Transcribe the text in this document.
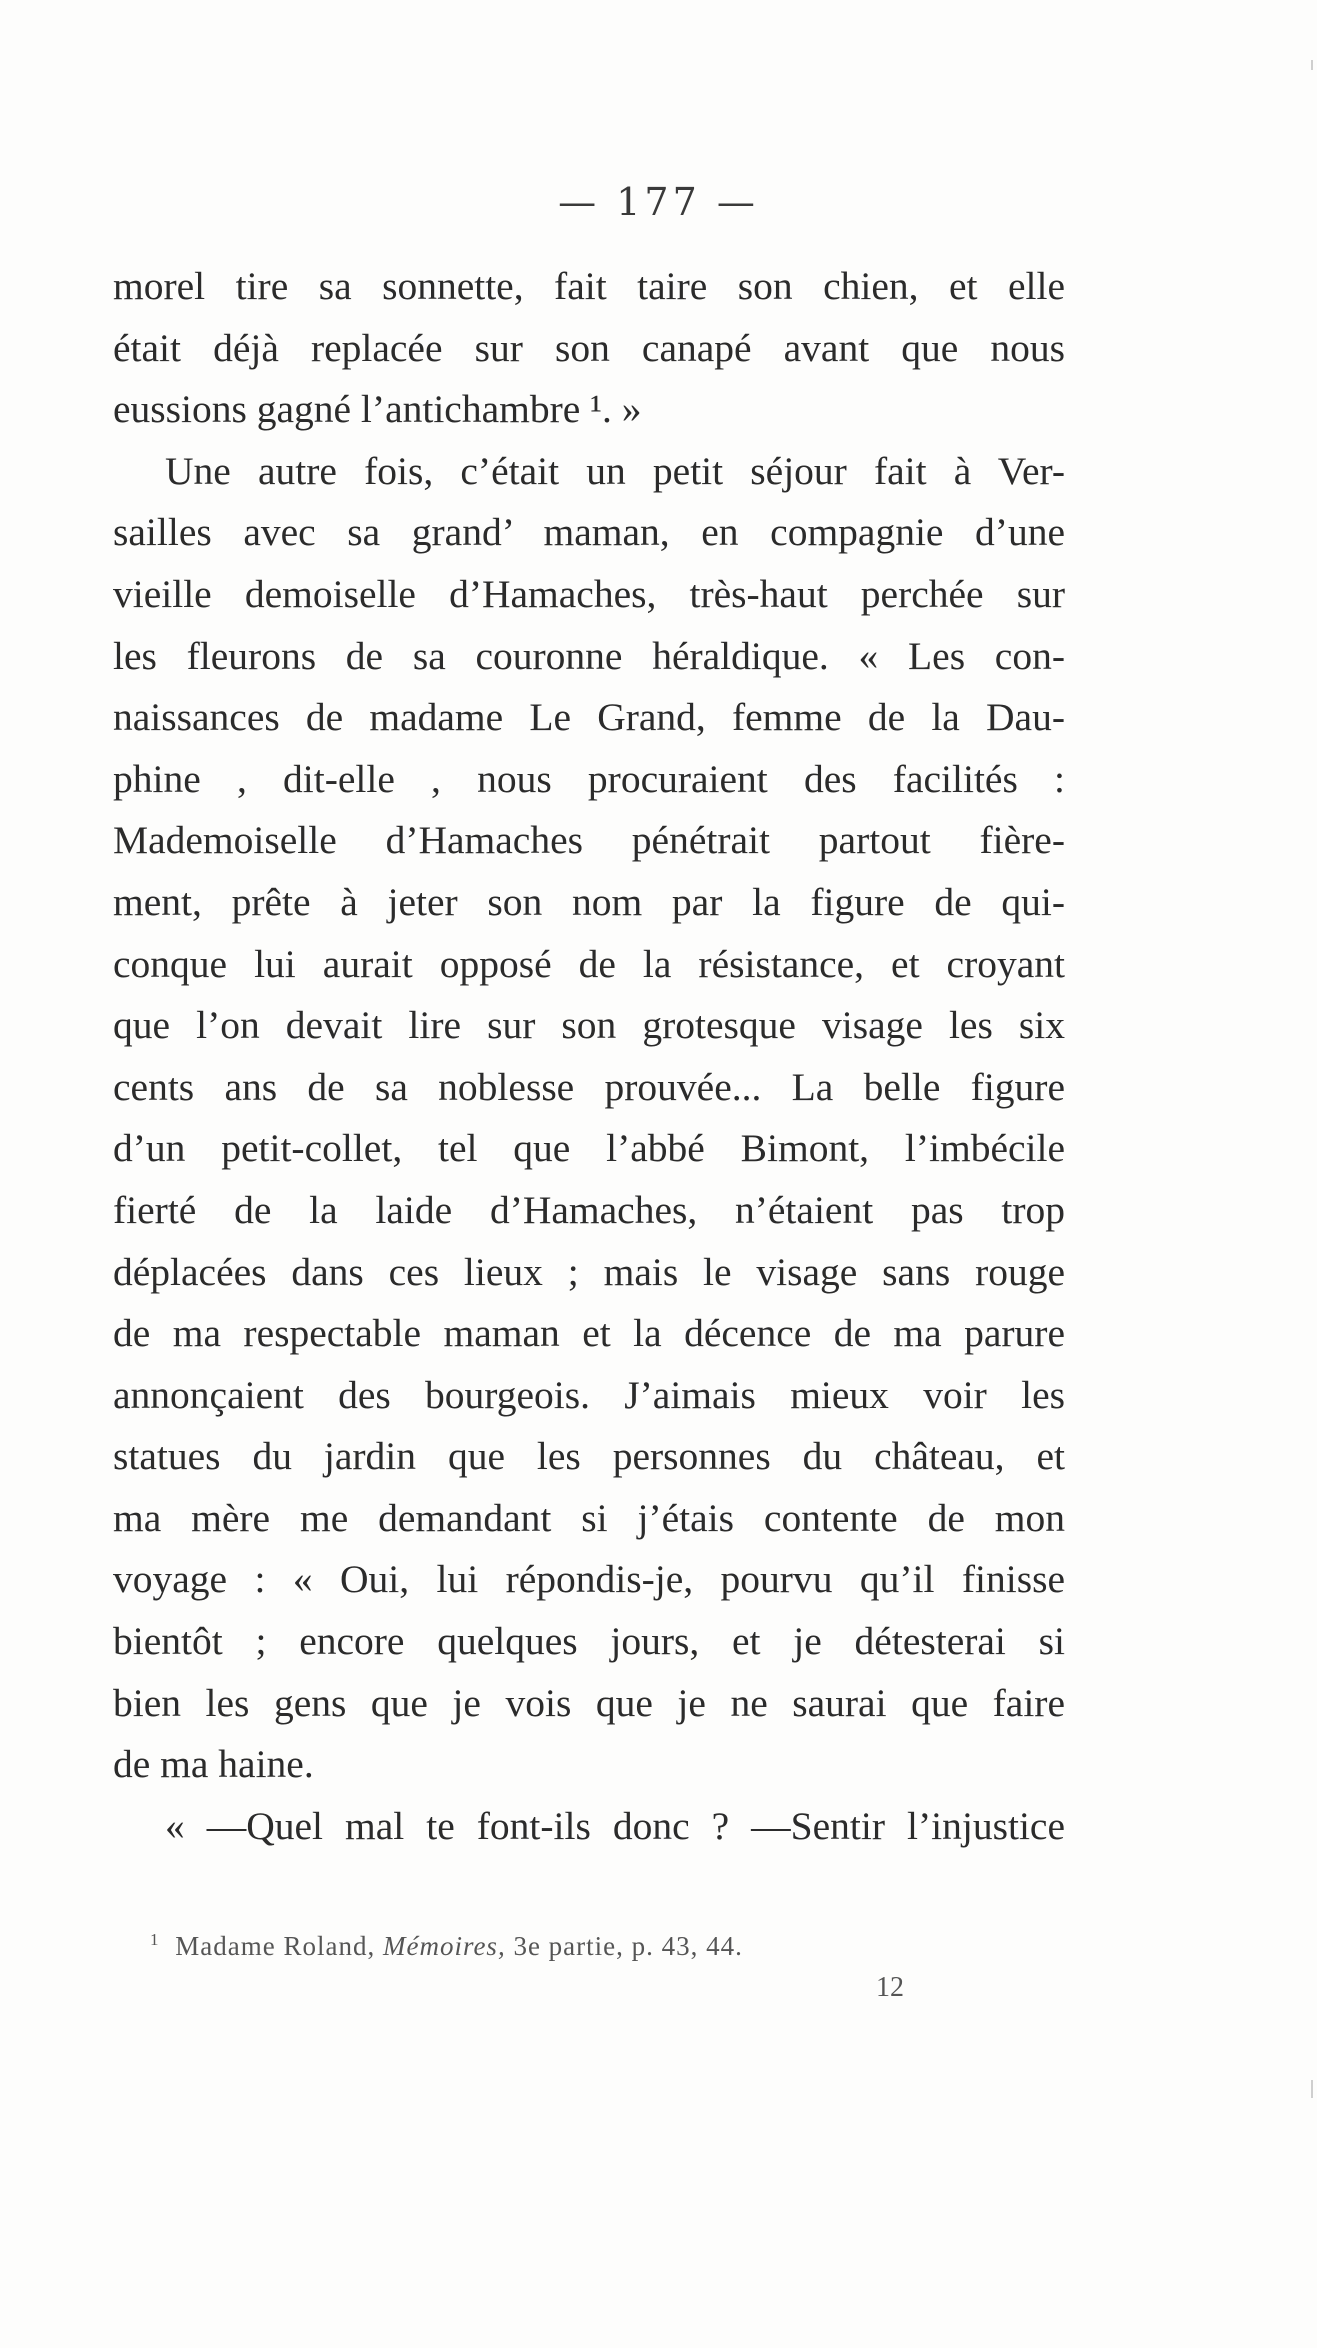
— 177 —
morel tire sa sonnette, fait taire son chien, et elle
était déjà replacée sur son canapé avant que nous
eussions gagné l’antichambre ¹. »
Une autre fois, c’était un petit séjour fait à Ver-
sailles avec sa grand’ maman, en compagnie d’une
vieille demoiselle d’Hamaches, très-haut perchée sur
les fleurons de sa couronne héraldique. « Les con-
naissances de madame Le Grand, femme de la Dau-
phine , dit-elle , nous procuraient des facilités :
Mademoiselle d’Hamaches pénétrait partout fière-
ment, prête à jeter son nom par la figure de qui-
conque lui aurait opposé de la résistance, et croyant
que l’on devait lire sur son grotesque visage les six
cents ans de sa noblesse prouvée... La belle figure
d’un petit-collet, tel que l’abbé Bimont, l’imbécile
fierté de la laide d’Hamaches, n’étaient pas trop
déplacées dans ces lieux ; mais le visage sans rouge
de ma respectable maman et la décence de ma parure
annonçaient des bourgeois. J’aimais mieux voir les
statues du jardin que les personnes du château, et
ma mère me demandant si j’étais contente de mon
voyage : « Oui, lui répondis-je, pourvu qu’il finisse
bientôt ; encore quelques jours, et je détesterai si
bien les gens que je vois que je ne saurai que faire
de ma haine.
« —Quel mal te font-ils donc ? —Sentir l’injustice
$^1$ Madame Roland, Mémoires, 3e partie, p. 43, 44.
12
